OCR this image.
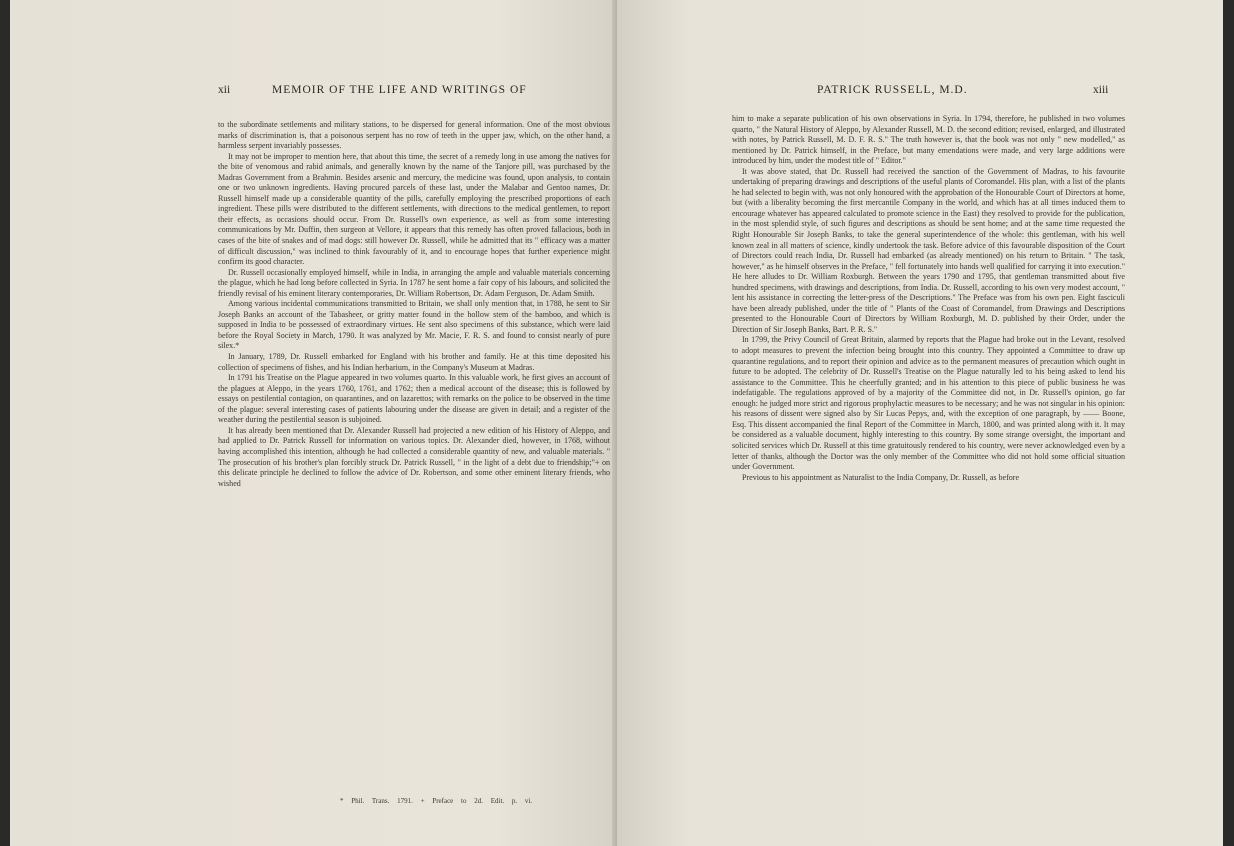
xii	MEMOIR OF THE LIFE AND WRITINGS OF

to the subordinate settlements and military stations, to be dispersed for general information. One of the most obvious marks of discrimination is, that a poisonous serpent has no row of teeth in the upper jaw, which, on the other hand, a harmless serpent invariably possesses.

It may not be improper to mention here, that about this time, the secret of a remedy long in use among the natives for the bite of venomous and rabid animals, and generally known by the name of the Tanjore pill, was purchased by the Madras Government from a Brahmin. Besides arsenic and mercury, the medicine was found, upon analysis, to contain one or two unknown ingredients. Having procured parcels of these last, under the Malabar and Gentoo names, Dr. Russell himself made up a considerable quantity of the pills, carefully employing the prescribed proportions of each ingredient. These pills were distributed to the different settlements, with directions to the medical gentlemen, to report their effects, as occasions should occur. From Dr. Russell's own experience, as well as from some interesting communications by Mr. Duffin, then surgeon at Vellore, it appears that this remedy has often proved fallacious, both in cases of the bite of snakes and of mad dogs: still however Dr. Russell, while he admitted that its " efficacy was a matter of difficult discussion," was inclined to think favourably of it, and to encourage hopes that further experience might confirm its good character.

Dr. Russell occasionally employed himself, while in India, in arranging the ample and valuable materials concerning the plague, which he had long before collected in Syria. In 1787 he sent home a fair copy of his labours, and solicited the friendly revisal of his eminent literary contemporaries, Dr. William Robertson, Dr. Adam Ferguson, Dr. Adam Smith.

Among various incidental communications transmitted to Britain, we shall only mention that, in 1788, he sent to Sir Joseph Banks an account of the Tabasheer, or gritty matter found in the hollow stem of the bamboo, and which is supposed in India to be possessed of extraordinary virtues. He sent also specimens of this substance, which were laid before the Royal Society in March, 1790. It was analyzed by Mr. Macie, F. R. S. and found to consist nearly of pure silex.*

In January, 1789, Dr. Russell embarked for England with his brother and family. He at this time deposited his collection of specimens of fishes, and his Indian herbarium, in the Company's Museum at Madras.

In 1791 his Treatise on the Plague appeared in two volumes quarto. In this valuable work, he first gives an account of the plagues at Aleppo, in the years 1760, 1761, and 1762; then a medical account of the disease; this is followed by essays on pestilential contagion, on quarantines, and on lazarettos; with remarks on the police to be observed in the time of the plague: several interesting cases of patients labouring under the disease are given in detail; and a register of the weather during the pestilential season is subjoined.

It has already been mentioned that Dr. Alexander Russell had projected a new edition of his History of Aleppo, and had applied to Dr. Patrick Russell for information on various topics. Dr. Alexander died, however, in 1768, without having accomplished this intention, although he had collected a considerable quantity of new, and valuable materials. " The prosecution of his brother's plan forcibly struck Dr. Patrick Russell, " in the light of a debt due to friendship;"+ on this delicate principle he declined to follow the advice of Dr. Robertson, and some other eminent literary friends, who wished

* Phil. Trans. 1791. + Preface to 2d. Edit. p. vi.
PATRICK RUSSELL, M.D.	xiii

him to make a separate publication of his own observations in Syria. In 1794, therefore, he published in two volumes quarto, " the Natural History of Aleppo, by Alexander Russell, M. D. the second edition; revised, enlarged, and illustrated with notes, by Patrick Russell, M. D. F. R. S." The truth however is, that the book was not only " new modelled," as mentioned by Dr. Patrick himself, in the Preface, but many emendations were made, and very large additions were introduced by him, under the modest title of " Editor."

It was above stated, that Dr. Russell had received the sanction of the Government of Madras, to his favourite undertaking of preparing drawings and descriptions of the useful plants of Coromandel. His plan, with a list of the plants he had selected to begin with, was not only honoured with the approbation of the Honourable Court of Directors at home, but (with a liberality becoming the first mercantile Company in the world, and which has at all times induced them to encourage whatever has appeared calculated to promote science in the East) they resolved to provide for the publication, in the most splendid style, of such figures and descriptions as should be sent home; and at the same time requested the Right Honourable Sir Joseph Banks, to take the general superintendence of the whole: this gentleman, with his well known zeal in all matters of science, kindly undertook the task. Before advice of this favourable disposition of the Court of Directors could reach India, Dr. Russell had embarked (as already mentioned) on his return to Britain. " The task, however," as he himself observes in the Preface, " fell fortunately into hands well qualified for carrying it into execution." He here alludes to Dr. William Roxburgh. Between the years 1790 and 1795, that gentleman transmitted about five hundred specimens, with drawings and descriptions, from India. Dr. Russell, according to his own very modest account, " lent his assistance in correcting the letter-press of the Descriptions." The Preface was from his own pen. Eight fasciculi have been already published, under the title of " Plants of the Coast of Coromandel, from Drawings and Descriptions presented to the Honourable Court of Directors by William Roxburgh, M. D. published by their Order, under the Direction of Sir Joseph Banks, Bart. P. R. S."

In 1799, the Privy Council of Great Britain, alarmed by reports that the Plague had broke out in the Levant, resolved to adopt measures to prevent the infection being brought into this country. They appointed a Committee to draw up quarantine regulations, and to report their opinion and advice as to the permanent measures of precaution which ought in future to be adopted. The celebrity of Dr. Russell's Treatise on the Plague naturally led to his being asked to lend his assistance to the Committee. This he cheerfully granted; and in his attention to this piece of public business he was indefatigable. The regulations approved of by a majority of the Committee did not, in Dr. Russell's opinion, go far enough: he judged more strict and rigorous prophylactic measures to be necessary; and he was not singular in his opinion: his reasons of dissent were signed also by Sir Lucas Pepys, and, with the exception of one paragraph, by —— Boone, Esq. This dissent accompanied the final Report of the Committee in March, 1800, and was printed along with it. It may be considered as a valuable document, highly interesting to this country. By some strange oversight, the important and solicited services which Dr. Russell at this time gratuitously rendered to his country, were never acknowledged even by a letter of thanks, although the Doctor was the only member of the Committee who did not hold some official situation under Government.

Previous to his appointment as Naturalist to the India Company, Dr. Russell, as before
